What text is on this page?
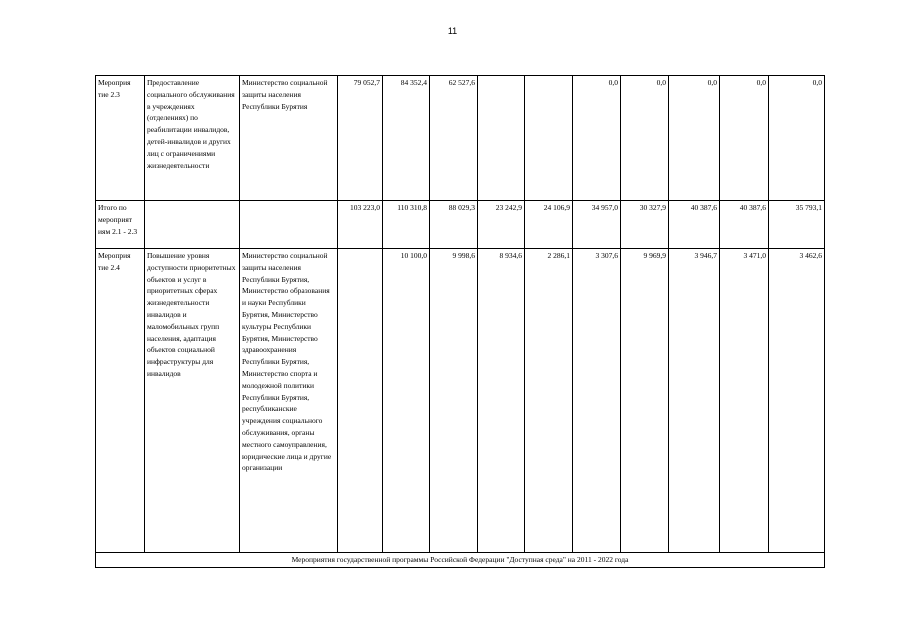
11
Мероприя тие 2.3	Предоставление социального обслуживания в учреждениях (отделениях) по реабилитации инвалидов, детей-инвалидов и других лиц с ограничениями жизнедеятельности	Министерство социальной защиты населения Республики Бурятия	79 052,7	84 352,4	62 527,6			0,0	0,0	0,0	0,0	0,0
Итого по мероприят иям 2.1 - 2.3			103 223,0	110 310,8	88 029,3	23 242,9	24 106,9	34 957,0	30 327,9	40 387,6	40 387,6	35 793,1
Мероприя тие 2.4	Повышение уровня доступности приоритетных объектов и услуг в приоритетных сферах жизнедеятельности инвалидов и маломобильных групп населения, адаптация объектов социальной инфраструктуры для инвалидов	Министерство социальной защиты населения Республики Бурятия, Министерство образования и науки Республики Бурятия, Министерство культуры Республики Бурятия, Министерство здравоохранения Республики Бурятия, Министерство спорта и молодежной политики Республики Бурятия, республиканские учреждения социального обслуживания, органы местного самоуправления, юридические лица и другие организации		10 100,0	9 998,6	8 934,6	2 286,1	3 307,6	9 969,9	3 946,7	3 471,0	3 462,6
Мероприятия государственной программы Российской Федерации "Доступная среда" на 2011 - 2022 года												
